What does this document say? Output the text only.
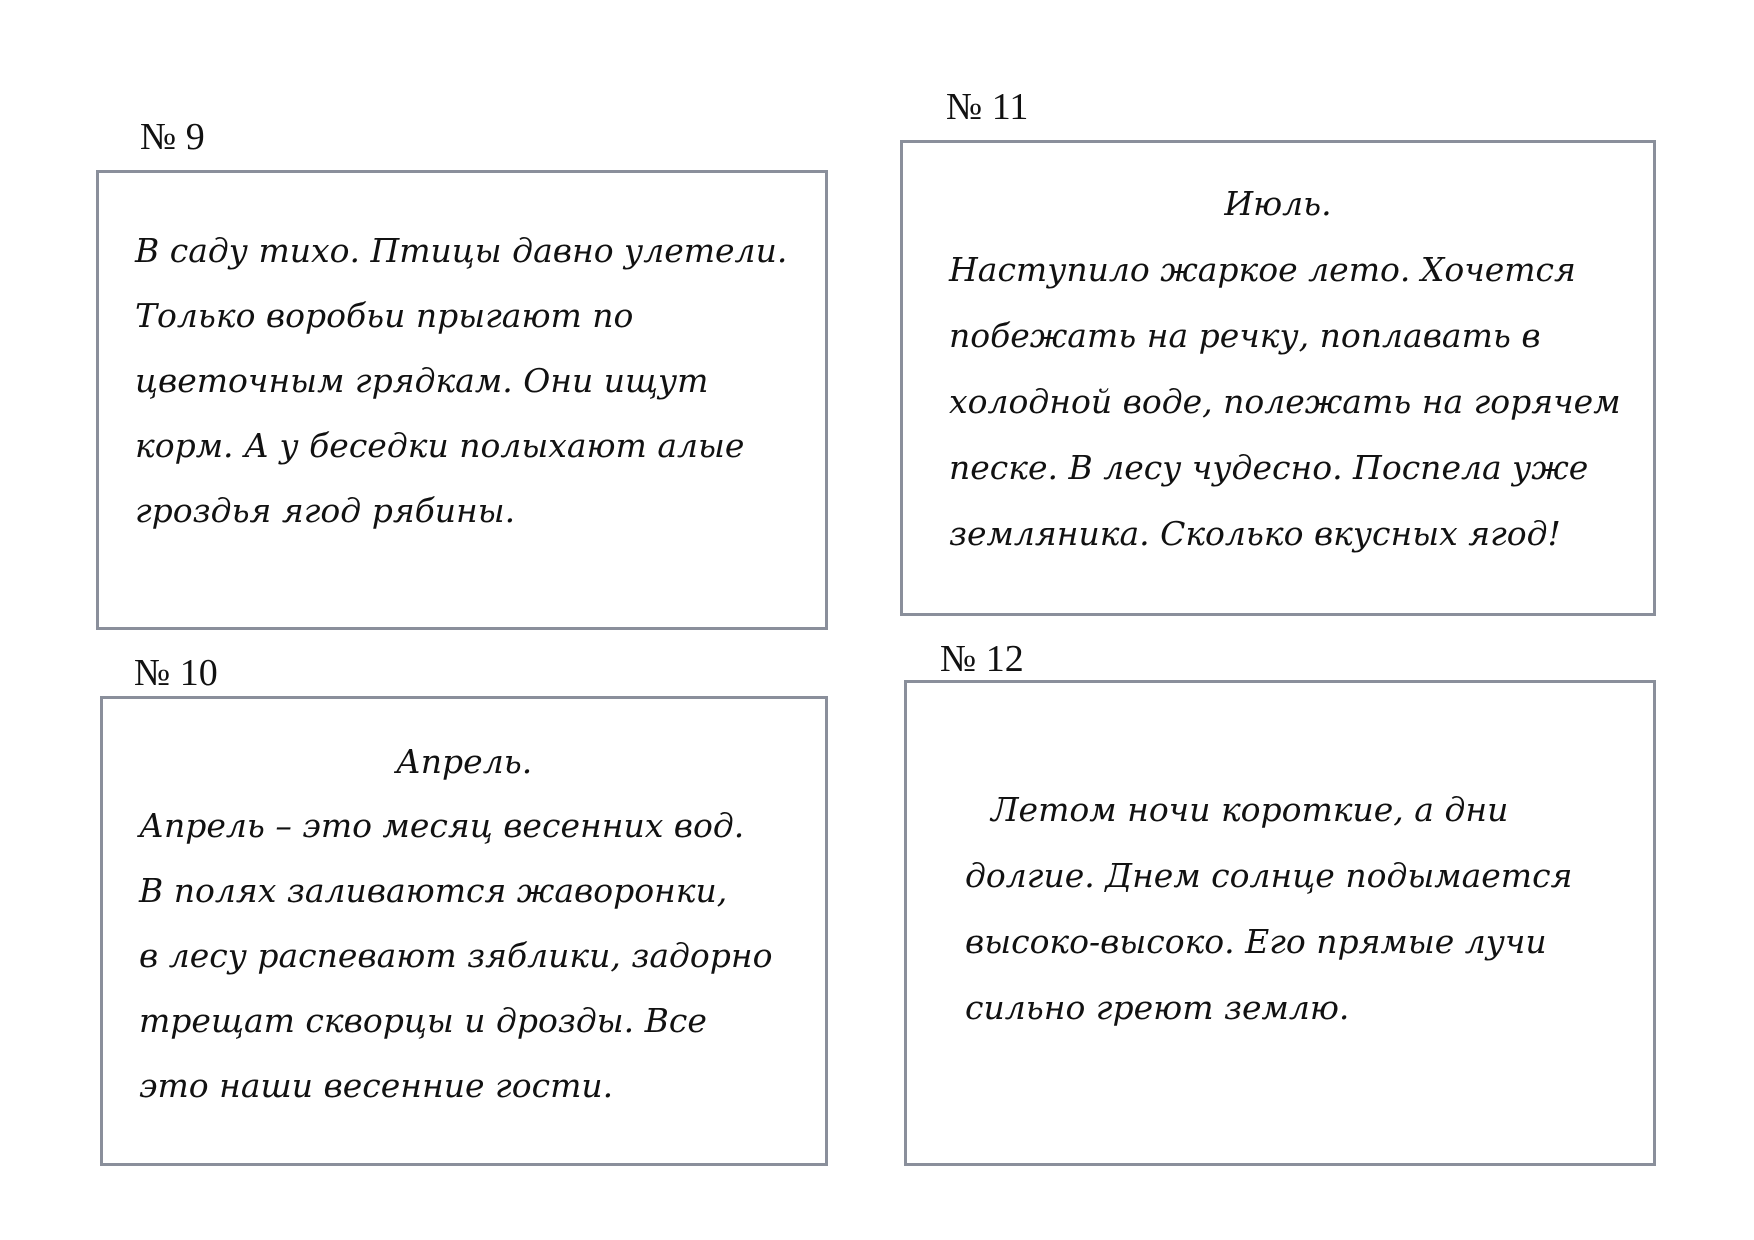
№ 9
В саду тихо. Птицы давно улетели.
Только воробьи прыгают по
цветочным грядкам. Они ищут
корм. А у беседки полыхают алые
гроздья ягод рябины.
№ 11
Июль.
Наступило жаркое лето. Хочется
побежать на речку, поплавать в
холодной воде, полежать на горячем
песке. В лесу чудесно. Поспела уже
земляника. Сколько вкусных ягод!
№ 10
Апрель.
Апрель – это месяц весенних вод.
В полях заливаются жаворонки,
в лесу распевают зяблики, задорно
трещат скворцы и дрозды. Все
это наши весенние гости.
№ 12
Летом ночи короткие, а дни
долгие. Днем солнце подымается
высоко-высоко. Его прямые лучи
сильно греют землю.
